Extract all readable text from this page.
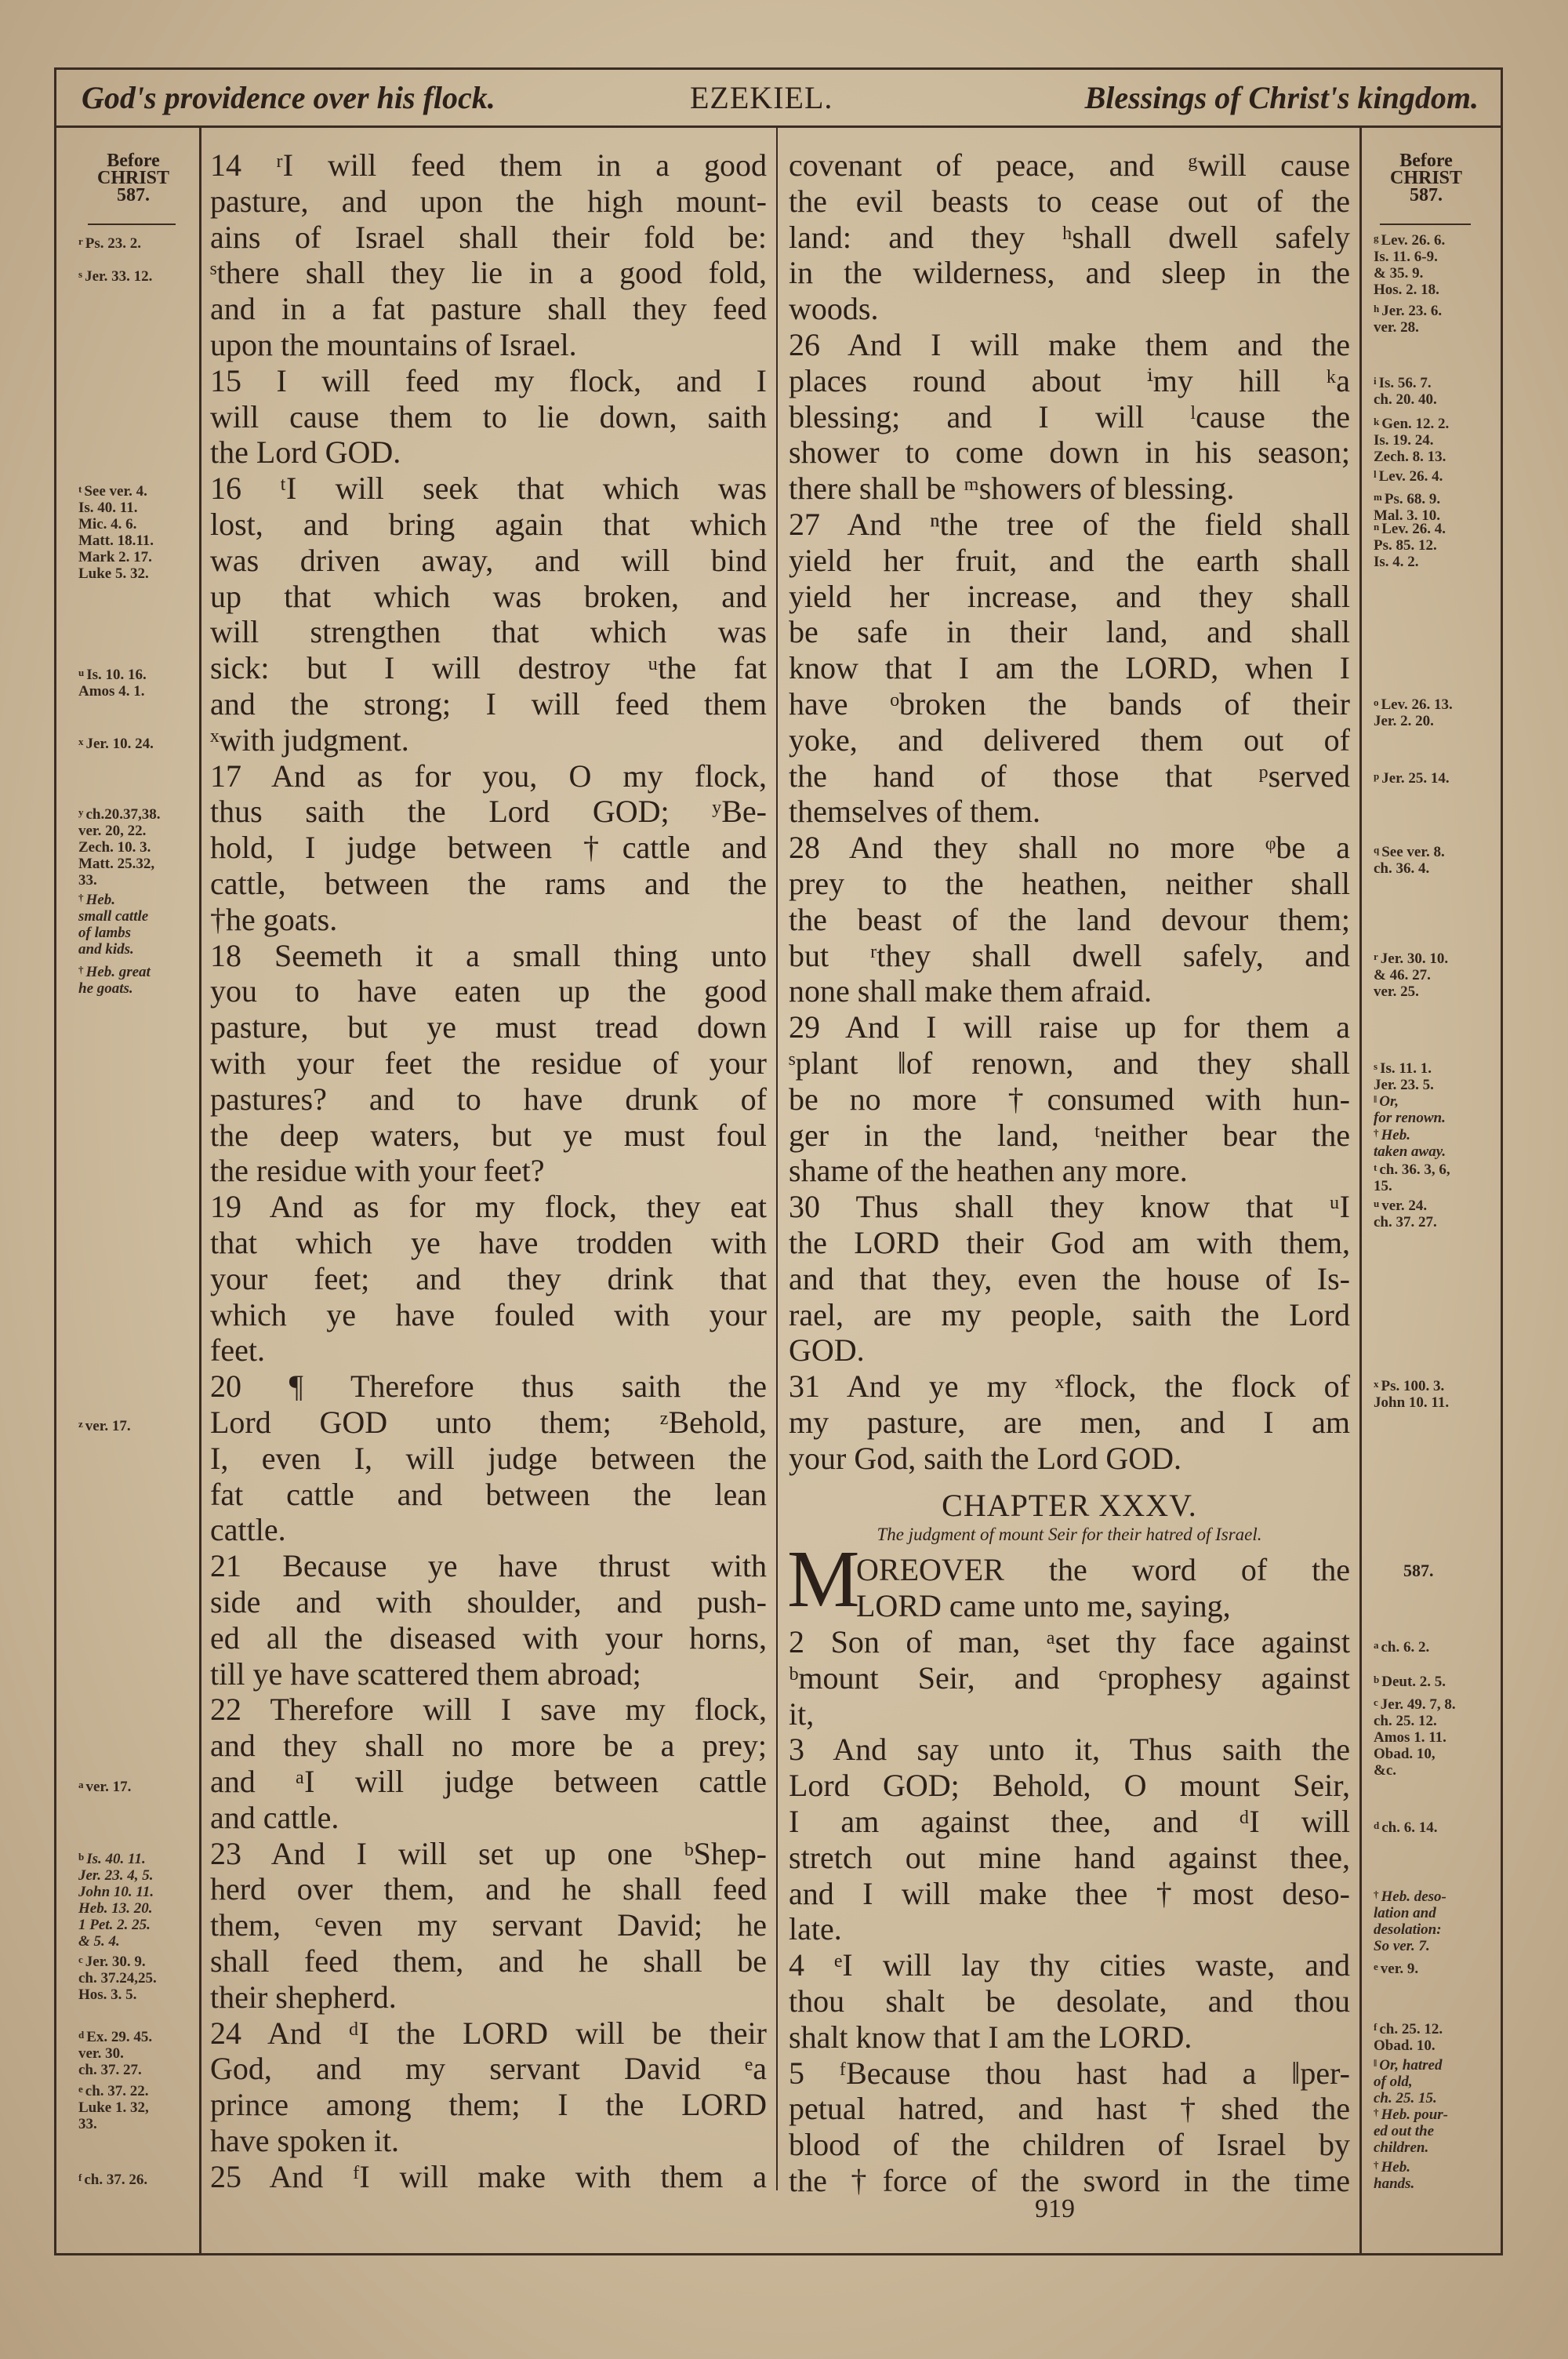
God's providence over his flock.	EZEKIEL.	Blessings of Christ's kingdom.
Before
CHRIST
587.
Before
CHRIST
587.
14 ʳI will feed them in a good
pasture, and upon the high mount-
ains of Israel shall their fold be:
ˢthere shall they lie in a good fold,
and in a fat pasture shall they feed
upon the mountains of Israel.
15 I will feed my flock, and I
will cause them to lie down, saith
the Lord GOD.
16 ᵗI will seek that which was
lost, and bring again that which
was driven away, and will bind
up that which was broken, and
will strengthen that which was
sick: but I will destroy ᵘthe fat
and the strong; I will feed them
ˣwith judgment.
17 And as for you, O my flock,
thus saith the Lord GOD; ʸBe-
hold, I judge between †cattle and
cattle, between the rams and the
†he goats.
18 Seemeth it a small thing unto
you to have eaten up the good
pasture, but ye must tread down
with your feet the residue of your
pastures? and to have drunk of
the deep waters, but ye must foul
the residue with your feet?
19 And as for my flock, they eat
that which ye have trodden with
your feet; and they drink that
which ye have fouled with your
feet.
20 ¶ Therefore thus saith the
Lord GOD unto them; ᶻBehold,
I, even I, will judge between the
fat cattle and between the lean
cattle.
21 Because ye have thrust with
side and with shoulder, and push-
ed all the diseased with your horns,
till ye have scattered them abroad;
22 Therefore will I save my flock,
and they shall no more be a prey;
and ᵃI will judge between cattle
and cattle.
23 And I will set up one ᵇShep-
herd over them, and he shall feed
them, ᶜeven my servant David; he
shall feed them, and he shall be
their shepherd.
24 And ᵈI the LORD will be their
God, and my servant David ᵉa
prince among them; I the LORD
have spoken it.
25 And ᶠI will make with them a
covenant of peace, and ᵍwill cause
the evil beasts to cease out of the
land: and they ʰshall dwell safely
in the wilderness, and sleep in the
woods.
26 And I will make them and the
places round about ⁱmy hill ᵏa
blessing; and I will ˡcause the
shower to come down in his season;
there shall be ᵐshowers of blessing.
27 And ⁿthe tree of the field shall
yield her fruit, and the earth shall
yield her increase, and they shall
be safe in their land, and shall
know that I am the LORD, when I
have ᵒbroken the bands of their
yoke, and delivered them out of
the hand of those that ᵖserved
themselves of them.
28 And they shall no more ᵠbe a
prey to the heathen, neither shall
the beast of the land devour them;
but ʳthey shall dwell safely, and
none shall make them afraid.
29 And I will raise up for them a
ˢplant ‖of renown, and they shall
be no more †consumed with hun-
ger in the land, ᵗneither bear the
shame of the heathen any more.
30 Thus shall they know that ᵘI
the LORD their God am with them,
and that they, even the house of Is-
rael, are my people, saith the Lord
GOD.
31 And ye my ˣflock, the flock of
my pasture, are men, and I am
your God, saith the Lord GOD.
2 Son of man, ᵃset thy face against
ᵇmount Seir, and ᶜprophesy against
it,
3 And say unto it, Thus saith the
Lord GOD; Behold, O mount Seir,
I am against thee, and ᵈI will
stretch out mine hand against thee,
and I will make thee †most deso-
late.
4 ᵉI will lay thy cities waste, and
thou shalt be desolate, and thou
shalt know that I am the LORD.
5 ᶠBecause thou hast had a ‖per-
petual hatred, and hast †shed the
blood of the children of Israel by
the †force of the sword in the time
CHAPTER XXXV.
The judgment of mount Seir for their hatred of Israel.
M
OREOVER the word of the
LORD came unto me, saying,
587.
919
$^r$ Ps. 23. 2.
$^s$ Jer. 33. 12.
$^t$ See ver. 4.
Is. 40. 11.
Mic. 4. 6.
Matt. 18.11.
Mark 2. 17.
Luke 5. 32.
$^u$ Is. 10. 16.
Amos 4. 1.
$^x$ Jer. 10. 24.
$^y$ ch.20.37,38.
ver. 20, 22.
Zech. 10. 3.
Matt. 25.32,
33.
† Heb.
small cattle
of lambs
and kids.
† Heb. great
he goats.
$^z$ ver. 17.
$^a$ ver. 17.
$^b$ Is. 40. 11.
Jer. 23. 4, 5.
John 10. 11.
Heb. 13. 20.
1 Pet. 2. 25.
& 5. 4.
$^c$ Jer. 30. 9.
ch. 37.24,25.
Hos. 3. 5.
$^d$ Ex. 29. 45.
ver. 30.
ch. 37. 27.
$^e$ ch. 37. 22.
Luke 1. 32,
33.
$^f$ ch. 37. 26.
$^g$ Lev. 26. 6.
Is. 11. 6-9.
& 35. 9.
Hos. 2. 18.
$^h$ Jer. 23. 6.
ver. 28.
$^i$ Is. 56. 7.
ch. 20. 40.
$^k$ Gen. 12. 2.
Is. 19. 24.
Zech. 8. 13.
$^l$ Lev. 26. 4.
$^m$ Ps. 68. 9.
Mal. 3. 10.
$^n$ Lev. 26. 4.
Ps. 85. 12.
Is. 4. 2.
$^o$ Lev. 26. 13.
Jer. 2. 20.
$^p$ Jer. 25. 14.
$^q$ See ver. 8.
ch. 36. 4.
$^r$ Jer. 30. 10.
& 46. 27.
ver. 25.
$^s$ Is. 11. 1.
Jer. 23. 5.
‖ Or,
for renown.
† Heb.
taken away.
$^t$ ch. 36. 3, 6,
15.
$^u$ ver. 24.
ch. 37. 27.
$^x$ Ps. 100. 3.
John 10. 11.
$^a$ ch. 6. 2.
$^b$ Deut. 2. 5.
$^c$ Jer. 49. 7, 8.
ch. 25. 12.
Amos 1. 11.
Obad. 10,
&c.
$^d$ ch. 6. 14.
† Heb. deso-
lation and
desolation:
So ver. 7.
$^e$ ver. 9.
$^f$ ch. 25. 12.
Obad. 10.
‖ Or, hatred
of old,
ch. 25. 15.
† Heb. pour-
ed out the
children.
† Heb.
hands.
